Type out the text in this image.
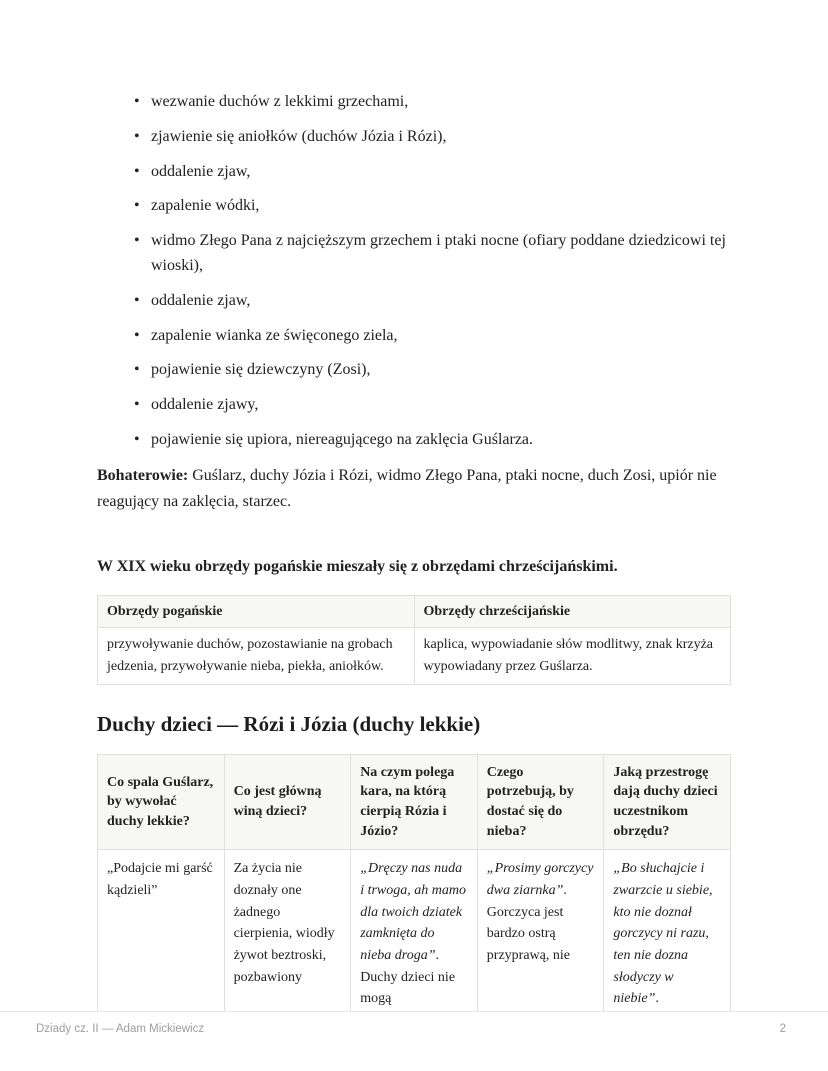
• wezwanie duchów z lekkimi grzechami,
• zjawienie się aniołków (duchów Józia i Rózi),
• oddalenie zjaw,
• zapalenie wódki,
• widmo Złego Pana z najcięższym grzechem i ptaki nocne (ofiary poddane dziedzicowi tej wioski),
• oddalenie zjaw,
• zapalenie wianka ze święconego ziela,
• pojawienie się dziewczyny (Zosi),
• oddalenie zjawy,
• pojawienie się upiora, niereagującego na zaklęcia Guślarza.

Bohaterowie: Guślarz, duchy Józia i Rózi, widmo Złego Pana, ptaki nocne, duch Zosi, upiór nie reagujący na zaklęcia, starzec.

W XIX wieku obrzędy pogańskie mieszały się z obrzędami chrześcijańskimi.

Obrzędy pogańskie	Obrzędy chrześcijańskie
przywoływanie duchów, pozostawianie na grobach jedzenia, przywoływanie nieba, piekła, aniołków.	kaplica, wypowiadanie słów modlitwy, znak krzyża wypowiadany przez Guślarza.
Duchy dzieci — Rózi i Józia (duchy lekkie)
Co spala Guślarz, by wywołać duchy lekkie?	Co jest główną winą dzieci?	Na czym polega kara, na którą cierpią Rózia i Józio?	Czego potrzebują, by dostać się do nieba?	Jaką przestrogę dają duchy dzieci uczestnikom obrzędu?
„Podajcie mi garść kądzieli”	Za życia nie doznały one żadnego cierpienia, wiodły żywot beztroski, pozbawiony	„Dręczy nas nuda i trwoga, ah mamo dla twoich dziatek zamknięta do nieba droga”. Duchy dzieci nie mogą	„Prosimy gorczycy dwa ziarnka”. Gorczyca jest bardzo ostrą przyprawą, nie	„Bo słuchajcie i zwarzcie u siebie, kto nie doznał gorczycy ni razu, ten nie dozna słodyczy w niebie”.
Dziady cz. II — Adam Mickiewicz	2
